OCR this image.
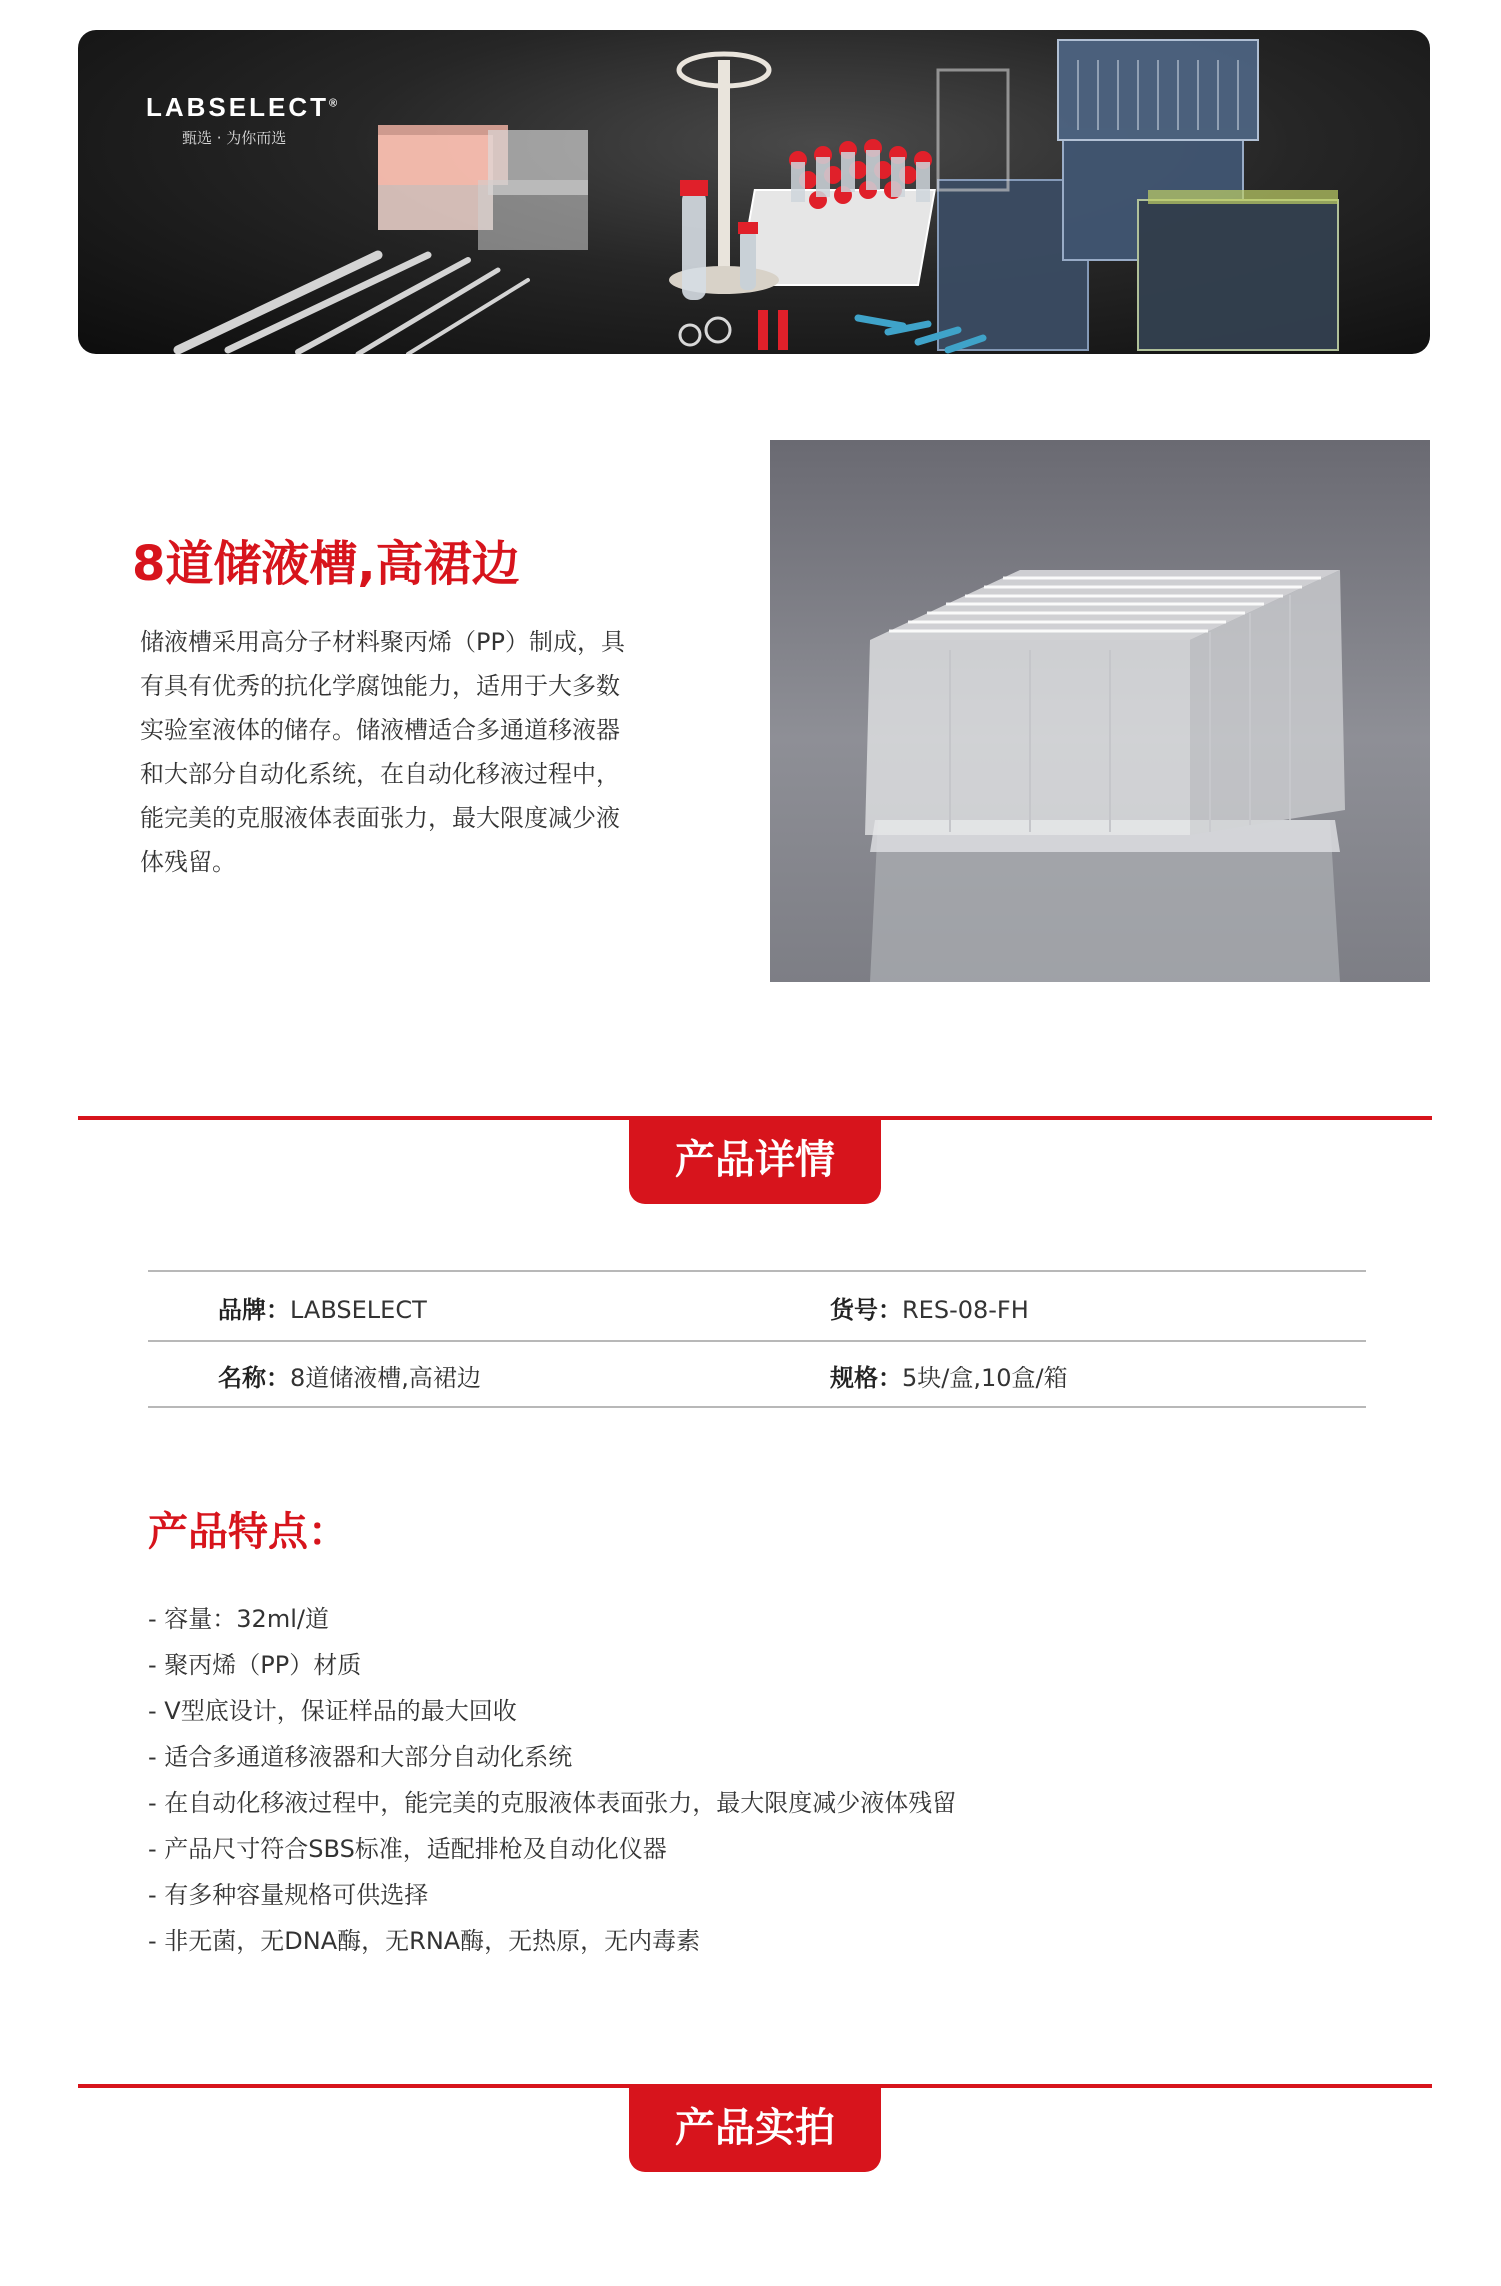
LABSELECT®
甄选 · 为你而选
8道储液槽,高裙边

储液槽采用高分子材料聚丙烯（PP）制成，具

有具有优秀的抗化学腐蚀能力，适用于大多数

实验室液体的储存。储液槽适合多通道移液器

和大部分自动化系统，在自动化移液过程中，

能完美的克服液体表面张力，最大限度减少液

体残留。

产品详情
品牌：LABSELECT	货号：RES-08-FH
名称：8道储液槽,高裙边	规格：5块/盒,10盒/箱
产品特点：
- 容量：32ml/道
- 聚丙烯（PP）材质
- V型底设计，保证样品的最大回收
- 适合多通道移液器和大部分自动化系统
- 在自动化移液过程中，能完美的克服液体表面张力，最大限度减少液体残留
- 产品尺寸符合SBS标准，适配排枪及自动化仪器
- 有多种容量规格可供选择
- 非无菌，无DNA酶，无RNA酶，无热原，无内毒素
产品实拍
